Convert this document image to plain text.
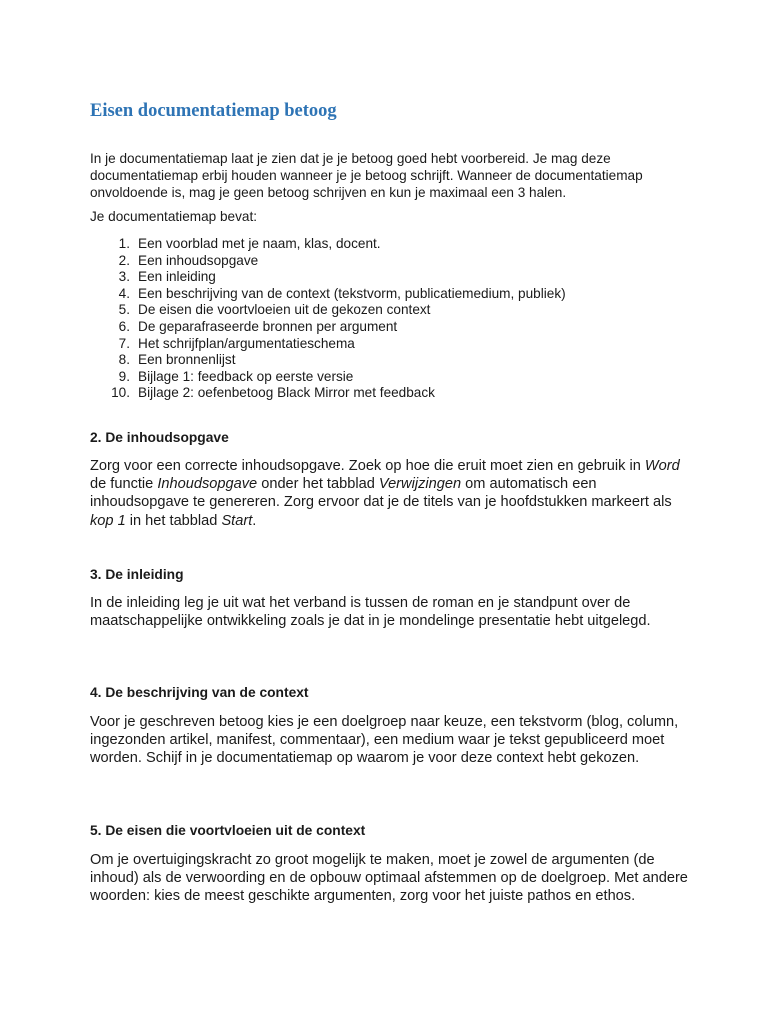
Eisen documentatiemap betoog

In je documentatiemap laat je zien dat je je betoog goed hebt voorbereid. Je mag deze documentatiemap erbij houden wanneer je je betoog schrijft. Wanneer de documentatiemap onvoldoende is, mag je geen betoog schrijven en kun je maximaal een 3 halen.

Je documentatiemap bevat:

1. Een voorblad met je naam, klas, docent.
2. Een inhoudsopgave
3. Een inleiding
4. Een beschrijving van de context (tekstvorm, publicatiemedium, publiek)
5. De eisen die voortvloeien uit de gekozen context
6. De geparafraseerde bronnen per argument
7. Het schrijfplan/argumentatieschema
8. Een bronnenlijst
9. Bijlage 1: feedback op eerste versie
10. Bijlage 2: oefenbetoog Black Mirror met feedback
2. De inhoudsopgave

Zorg voor een correcte inhoudsopgave. Zoek op hoe die eruit moet zien en gebruik in Word de functie Inhoudsopgave onder het tabblad Verwijzingen om automatisch een inhoudsopgave te genereren. Zorg ervoor dat je de titels van je hoofdstukken markeert als kop 1 in het tabblad Start.

3. De inleiding

In de inleiding leg je uit wat het verband is tussen de roman en je standpunt over de maatschappelijke ontwikkeling zoals je dat in je mondelinge presentatie hebt uitgelegd.

4. De beschrijving van de context

Voor je geschreven betoog kies je een doelgroep naar keuze, een tekstvorm (blog, column, ingezonden artikel, manifest, commentaar), een medium waar je tekst gepubliceerd moet worden. Schijf in je documentatiemap op waarom je voor deze context hebt gekozen.

5. De eisen die voortvloeien uit de context

Om je overtuigingskracht zo groot mogelijk te maken, moet je zowel de argumenten (de inhoud) als de verwoording en de opbouw optimaal afstemmen op de doelgroep. Met andere woorden: kies de meest geschikte argumenten, zorg voor het juiste pathos en ethos.
